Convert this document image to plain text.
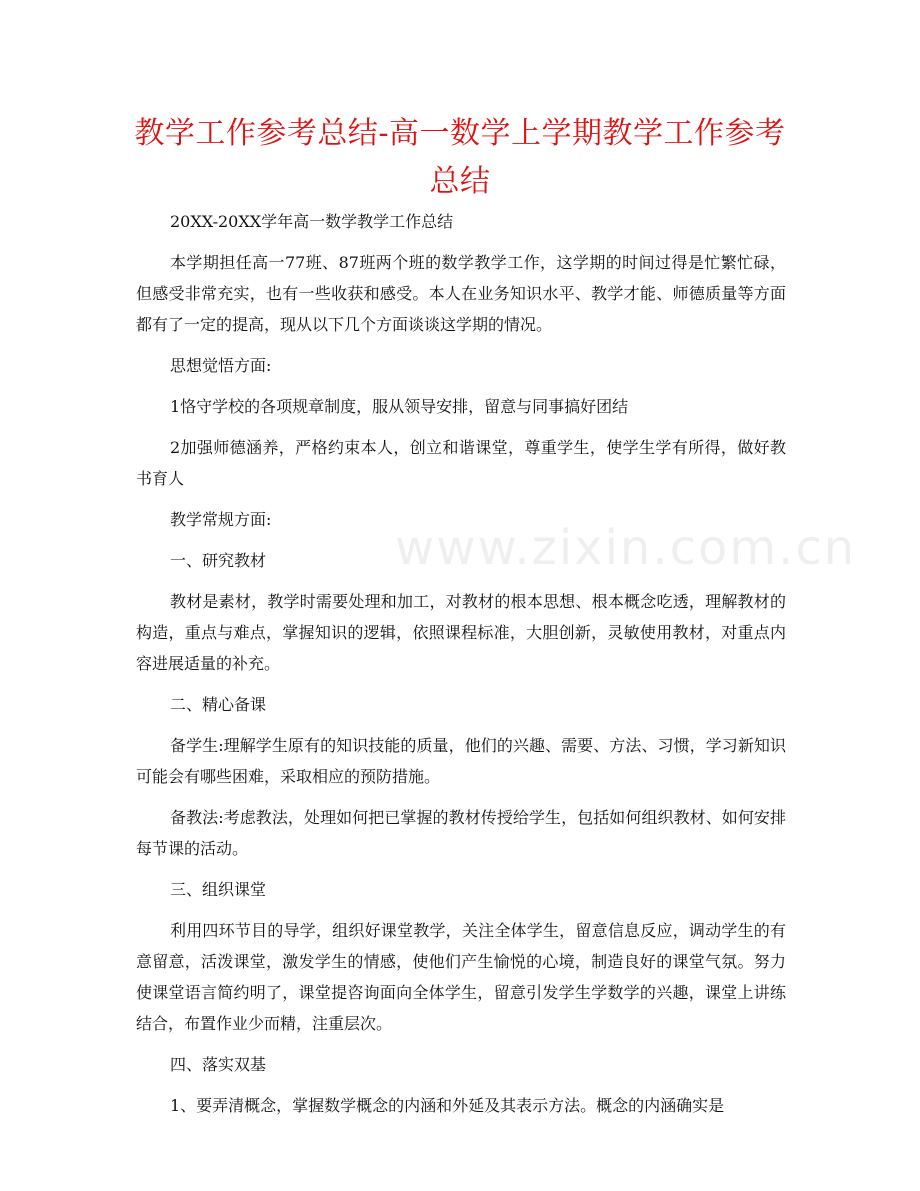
教学工作参考总结-高一数学上学期教学工作参考总结
www.zixin.com.cn

20XX-20XX学年高一数学教学工作总结

本学期担任高一77班、87班两个班的数学教学工作，这学期的时间过得是忙繁忙碌，但感受非常充实，也有一些收获和感受。本人在业务知识水平、教学才能、师德质量等方面都有了一定的提高，现从以下几个方面谈谈这学期的情况。

思想觉悟方面:

1恪守学校的各项规章制度，服从领导安排，留意与同事搞好团结

2加强师德涵养，严格约束本人，创立和谐课堂，尊重学生，使学生学有所得，做好教书育人

教学常规方面:

一、研究教材

教材是素材，教学时需要处理和加工，对教材的根本思想、根本概念吃透，理解教材的构造，重点与难点，掌握知识的逻辑，依照课程标准，大胆创新，灵敏使用教材，对重点内容进展适量的补充。

二、精心备课

备学生:理解学生原有的知识技能的质量，他们的兴趣、需要、方法、习惯，学习新知识可能会有哪些困难，采取相应的预防措施。

备教法:考虑教法，处理如何把已掌握的教材传授给学生，包括如何组织教材、如何安排每节课的活动。

三、组织课堂

利用四环节目的导学，组织好课堂教学，关注全体学生，留意信息反应，调动学生的有意留意，活泼课堂，激发学生的情感，使他们产生愉悦的心境，制造良好的课堂气氛。努力使课堂语言简约明了，课堂提咨询面向全体学生，留意引发学生学数学的兴趣，课堂上讲练结合，布置作业少而精，注重层次。

四、落实双基

1、要弄清概念，掌握数学概念的内涵和外延及其表示方法。概念的内涵确实是
